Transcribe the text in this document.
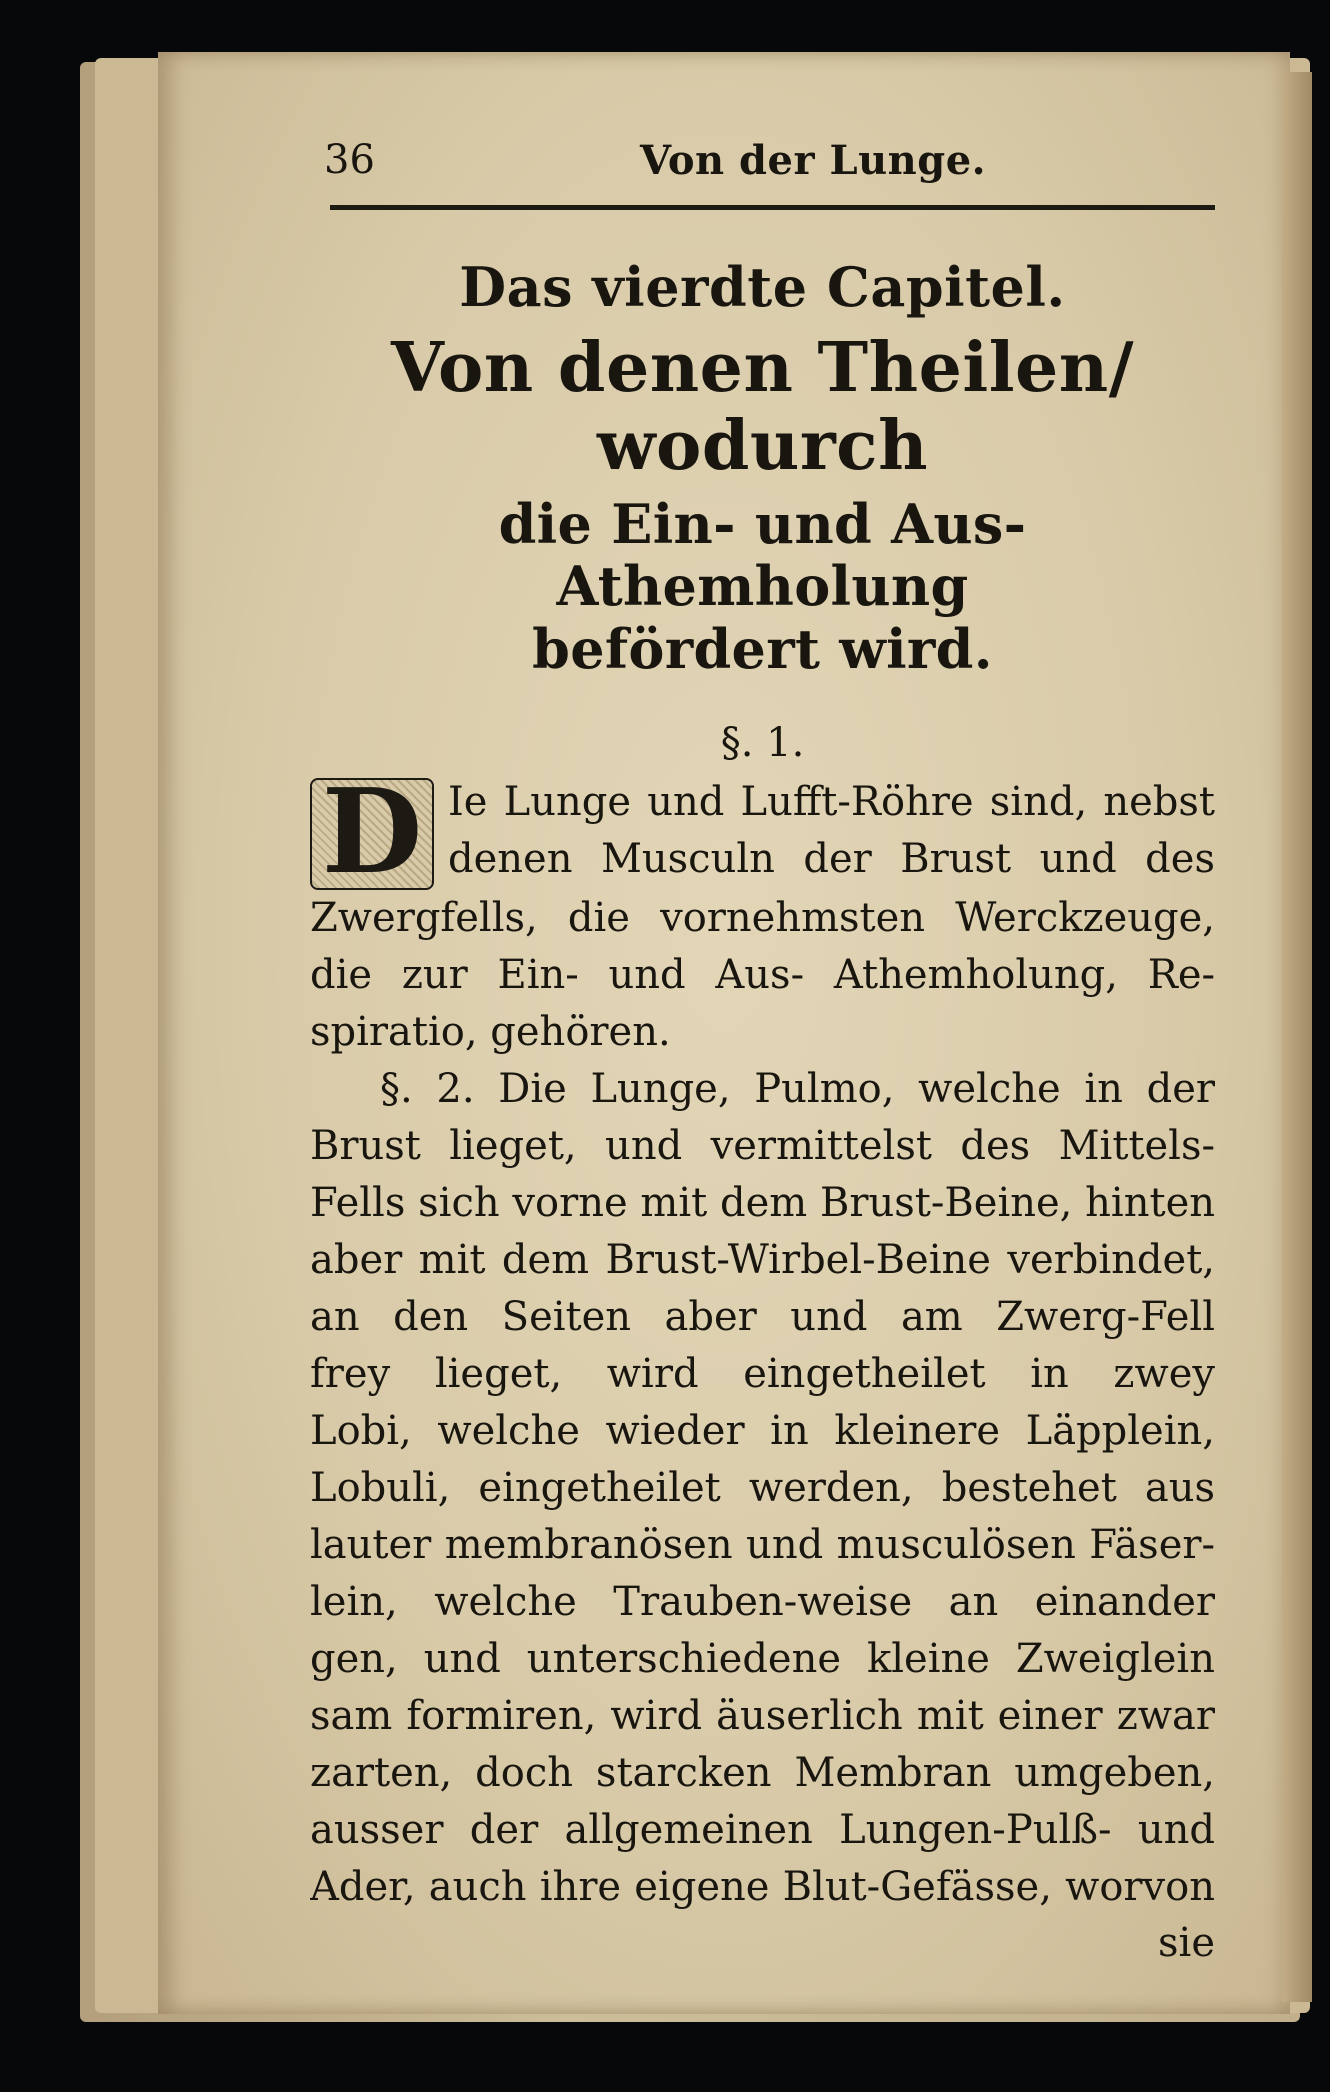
36	Von der Lunge.
Das vierdte Capitel.
Von denen Theilen/ wodurch
die Ein- und Aus-Athemholung
befördert wird.
§. 1.
D Ie Lunge und Lufft-Röhre sind, nebst
denen Musculn der Brust und des
Zwergfells, die vornehmsten Werckzeuge,
die zur Ein- und Aus- Athemholung, Re-
spiratio, gehören.
§. 2. Die Lunge, Pulmo, welche in der
Brust lieget, und vermittelst des Mittels-
Fells sich vorne mit dem Brust-Beine, hinten
aber mit dem Brust-Wirbel-Beine verbindet,
an den Seiten aber und am Zwerg-Fell
frey lieget, wird eingetheilet in zwey
Lobi, welche wieder in kleinere Läpplein,
Lobuli, eingetheilet werden, bestehet aus
lauter membranösen und musculösen Fäser-
lein, welche Trauben-weise an einander
gen, und unterschiedene kleine Zweiglein
sam formiren, wird äuserlich mit einer zwar
zarten, doch starcken Membran umgeben,
ausser der allgemeinen Lungen-Pulß- und
Ader, auch ihre eigene Blut-Gefässe, worvon
sie
